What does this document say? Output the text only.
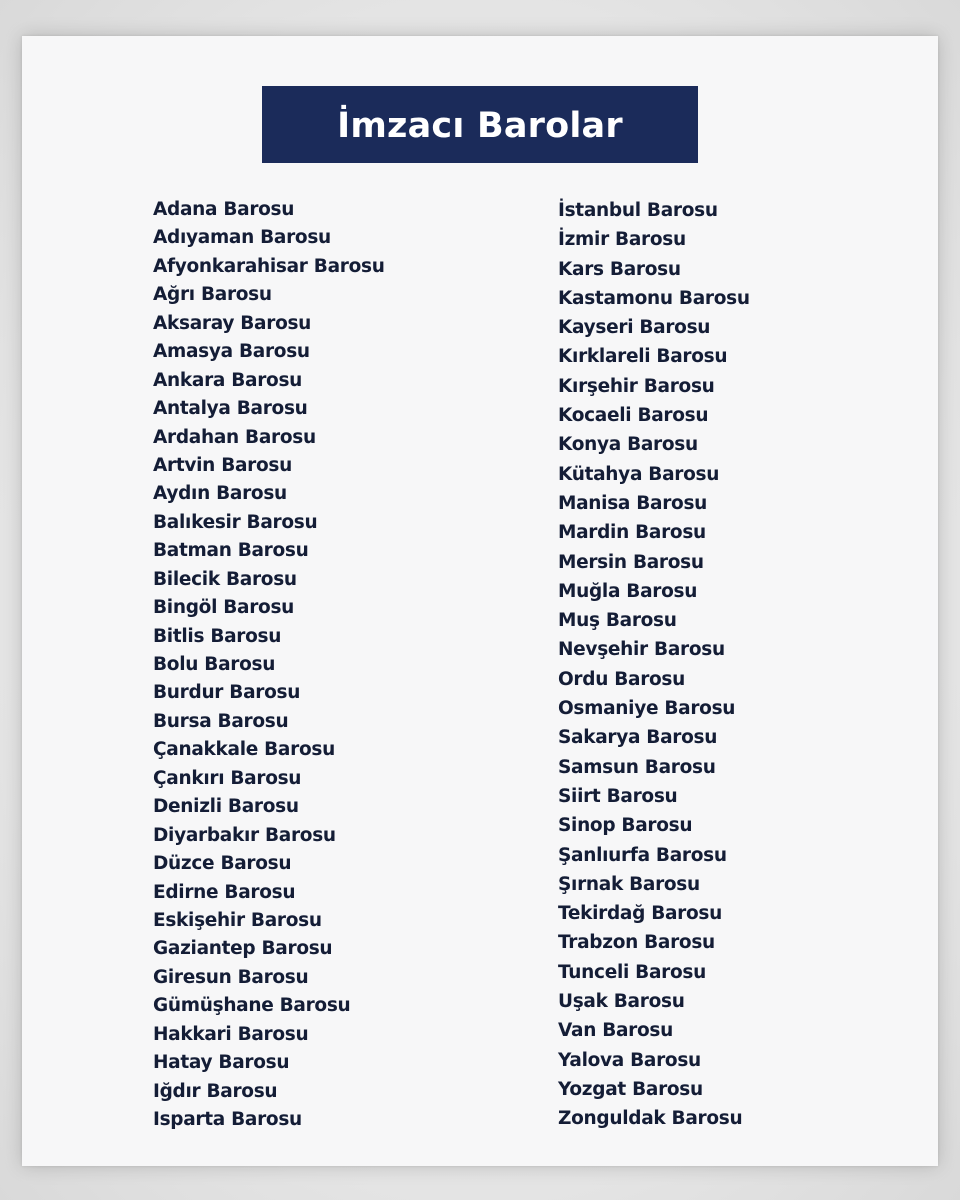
İmzacı Barolar
Adana Barosu
Adıyaman Barosu
Afyonkarahisar Barosu
Ağrı Barosu
Aksaray Barosu
Amasya Barosu
Ankara Barosu
Antalya Barosu
Ardahan Barosu
Artvin Barosu
Aydın Barosu
Balıkesir Barosu
Batman Barosu
Bilecik Barosu
Bingöl Barosu
Bitlis Barosu
Bolu Barosu
Burdur Barosu
Bursa Barosu
Çanakkale Barosu
Çankırı Barosu
Denizli Barosu
Diyarbakır Barosu
Düzce Barosu
Edirne Barosu
Eskişehir Barosu
Gaziantep Barosu
Giresun Barosu
Gümüşhane Barosu
Hakkari Barosu
Hatay Barosu
Iğdır Barosu
Isparta Barosu
İstanbul Barosu
İzmir Barosu
Kars Barosu
Kastamonu Barosu
Kayseri Barosu
Kırklareli Barosu
Kırşehir Barosu
Kocaeli Barosu
Konya Barosu
Kütahya Barosu
Manisa Barosu
Mardin Barosu
Mersin Barosu
Muğla Barosu
Muş Barosu
Nevşehir Barosu
Ordu Barosu
Osmaniye Barosu
Sakarya Barosu
Samsun Barosu
Siirt Barosu
Sinop Barosu
Şanlıurfa Barosu
Şırnak Barosu
Tekirdağ Barosu
Trabzon Barosu
Tunceli Barosu
Uşak Barosu
Van Barosu
Yalova Barosu
Yozgat Barosu
Zonguldak Barosu
